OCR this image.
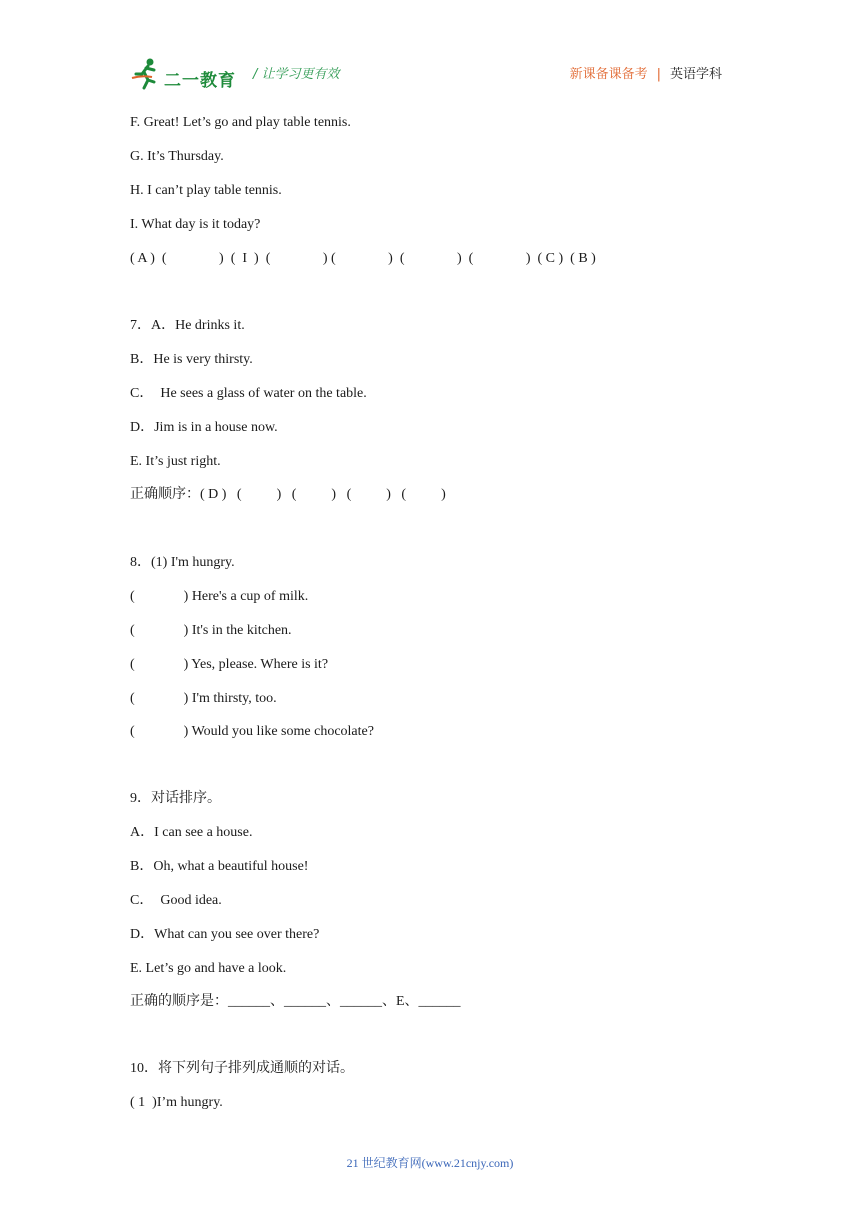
二一教育 / 让学习更有效	新课备课备考 | 英语学科
F. Great! Let’s go and play table tennis.
G. It’s Thursday.
H. I can’t play table tennis.
I. What day is it today?
( A )  (               )  (  I  )  (               ) (               )  (               )  (               )  ( C )  ( B )
7．A．He drinks it.
B．He is very thirsty.
C．  He sees a glass of water on the table.
D．Jim is in a house now.
E. It’s just right.
正确顺序：( D )   (          )   (          )   (          )   (          )
8．(1) I'm hungry.
(              ) Here's a cup of milk.
(              ) It's in the kitchen.
(              ) Yes, please. Where is it?
(              ) I'm thirsty, too.
(              ) Would you like some chocolate?
9．对话排序。
A．I can see a house.
B．Oh, what a beautiful house!
C．  Good idea.
D．What can you see over there?
E. Let’s go and have a look.
正确的顺序是：______、______、______、E、______
10．将下列句子排列成通顺的对话。
( 1  )I’m hungry.
21 世纪教育网(www.21cnjy.com)
